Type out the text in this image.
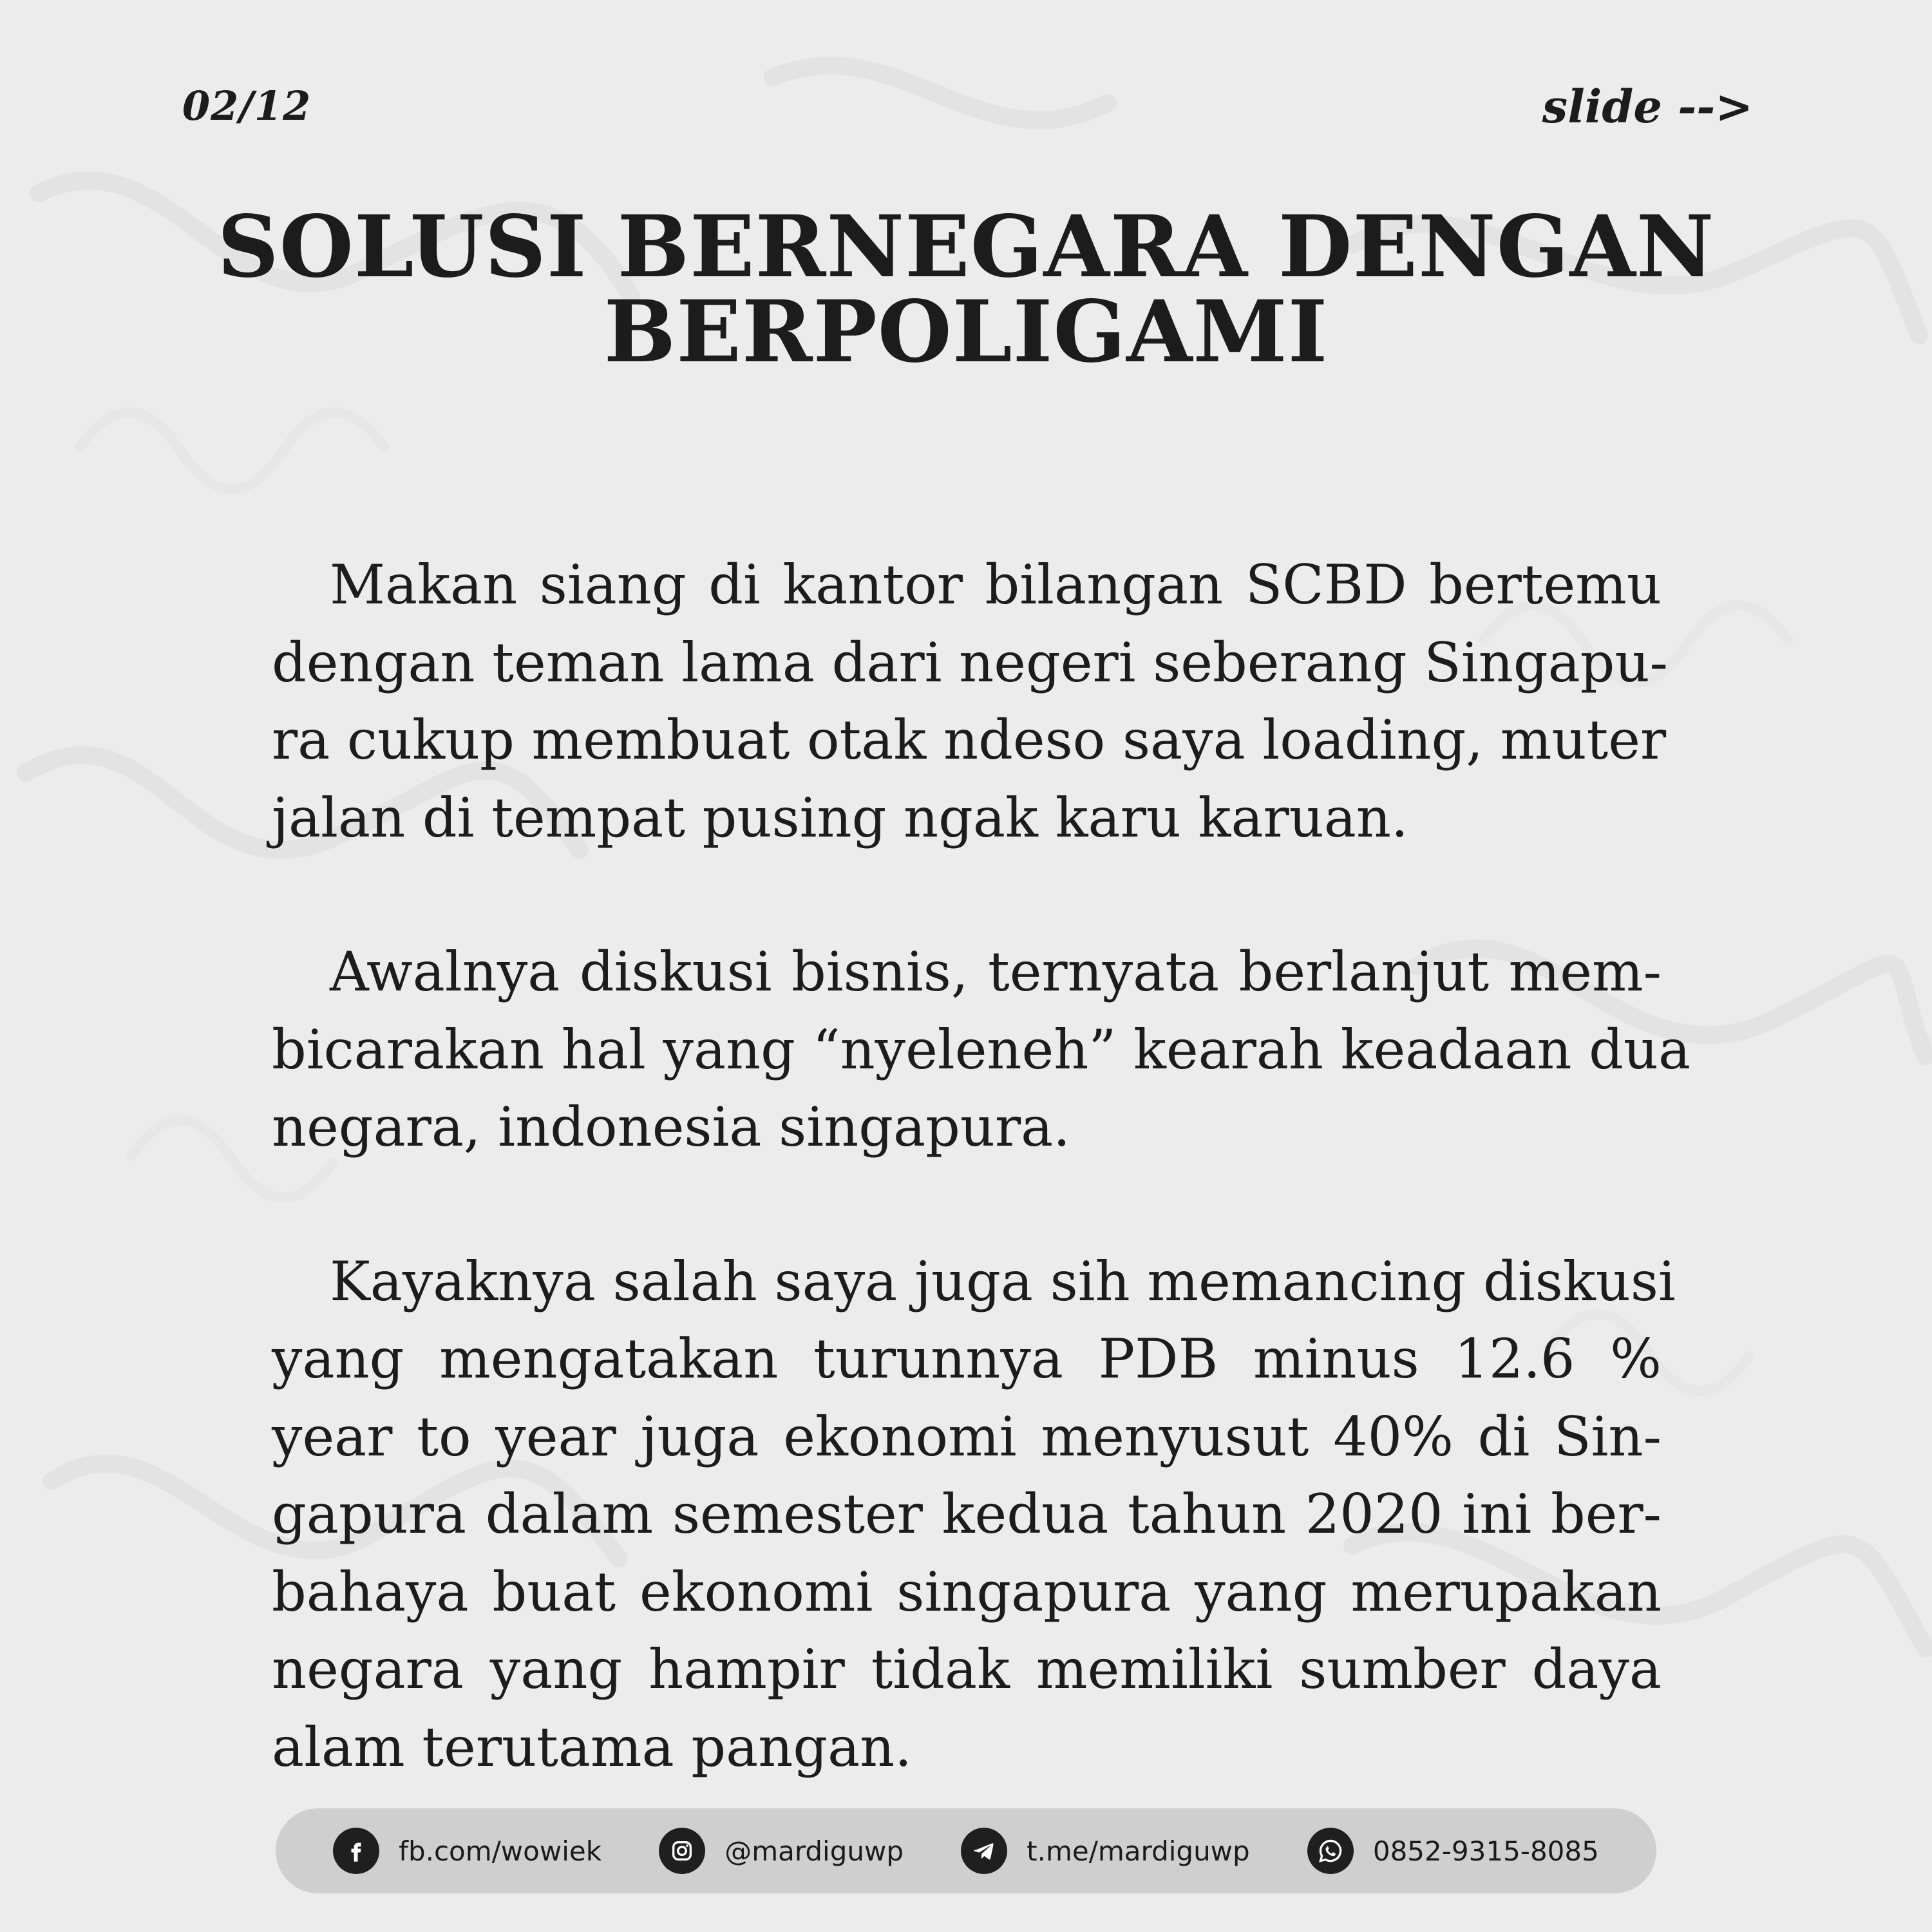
02/12	slide -->
SOLUSI BERNEGARA DENGAN
BERPOLIGAMI

Makan siang di kantor bilangan SCBD bertemu
dengan teman lama dari negeri seberang Singapu-
ra cukup membuat otak ndeso saya loading, muter
jalan di tempat pusing ngak karu karuan.

Awalnya diskusi bisnis, ternyata berlanjut mem-
bicarakan hal yang “nyeleneh” kearah keadaan dua
negara, indonesia singapura.

Kayaknya salah saya juga sih memancing diskusi
yang mengatakan turunnya PDB minus 12.6 %
year to year juga ekonomi menyusut 40% di Sin-
gapura dalam semester kedua tahun 2020 ini ber-
bahaya buat ekonomi singapura yang merupakan
negara yang hampir tidak memiliki sumber daya
alam terutama pangan.

fb.com/wowiek	@mardiguwp	t.me/mardiguwp	0852-9315-8085
